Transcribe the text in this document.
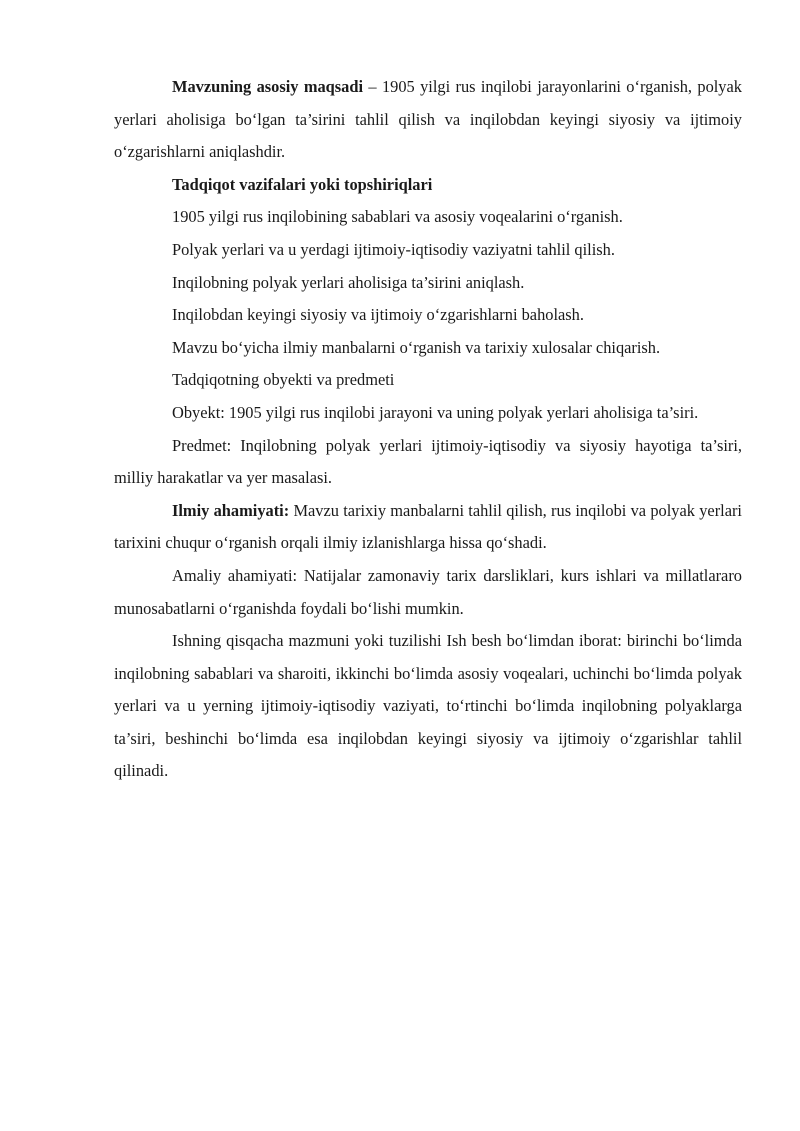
Mavzuning asosiy maqsadi – 1905 yilgi rus inqilobi jarayonlarini o‘rganish, polyak yerlari aholisiga bo‘lgan ta’sirini tahlil qilish va inqilobdan keyingi siyosiy va ijtimoiy o‘zgarishlarni aniqlashdir.

Tadqiqot vazifalari yoki topshiriqlari

1905 yilgi rus inqilobining sabablari va asosiy voqealarini o‘rganish.

Polyak yerlari va u yerdagi ijtimoiy-iqtisodiy vaziyatni tahlil qilish.

Inqilobning polyak yerlari aholisiga ta’sirini aniqlash.

Inqilobdan keyingi siyosiy va ijtimoiy o‘zgarishlarni baholash.

Mavzu bo‘yicha ilmiy manbalarni o‘rganish va tarixiy xulosalar chiqarish.

Tadqiqotning obyekti va predmeti

Obyekt: 1905 yilgi rus inqilobi jarayoni va uning polyak yerlari aholisiga ta’siri.

Predmet: Inqilobning polyak yerlari ijtimoiy-iqtisodiy va siyosiy hayotiga ta’siri, milliy harakatlar va yer masalasi.

Ilmiy ahamiyati: Mavzu tarixiy manbalarni tahlil qilish, rus inqilobi va polyak yerlari tarixini chuqur o‘rganish orqali ilmiy izlanishlarga hissa qo‘shadi.

Amaliy ahamiyati: Natijalar zamonaviy tarix darsliklari, kurs ishlari va millatlararo munosabatlarni o‘rganishda foydali bo‘lishi mumkin.

Ishning qisqacha mazmuni yoki tuzilishi Ish besh bo‘limdan iborat: birinchi bo‘limda inqilobning sabablari va sharoiti, ikkinchi bo‘limda asosiy voqealari, uchinchi bo‘limda polyak yerlari va u yerning ijtimoiy-iqtisodiy vaziyati, to‘rtinchi bo‘limda inqilobning polyaklarga ta’siri, beshinchi bo‘limda esa inqilobdan keyingi siyosiy va ijtimoiy o‘zgarishlar tahlil qilinadi.
